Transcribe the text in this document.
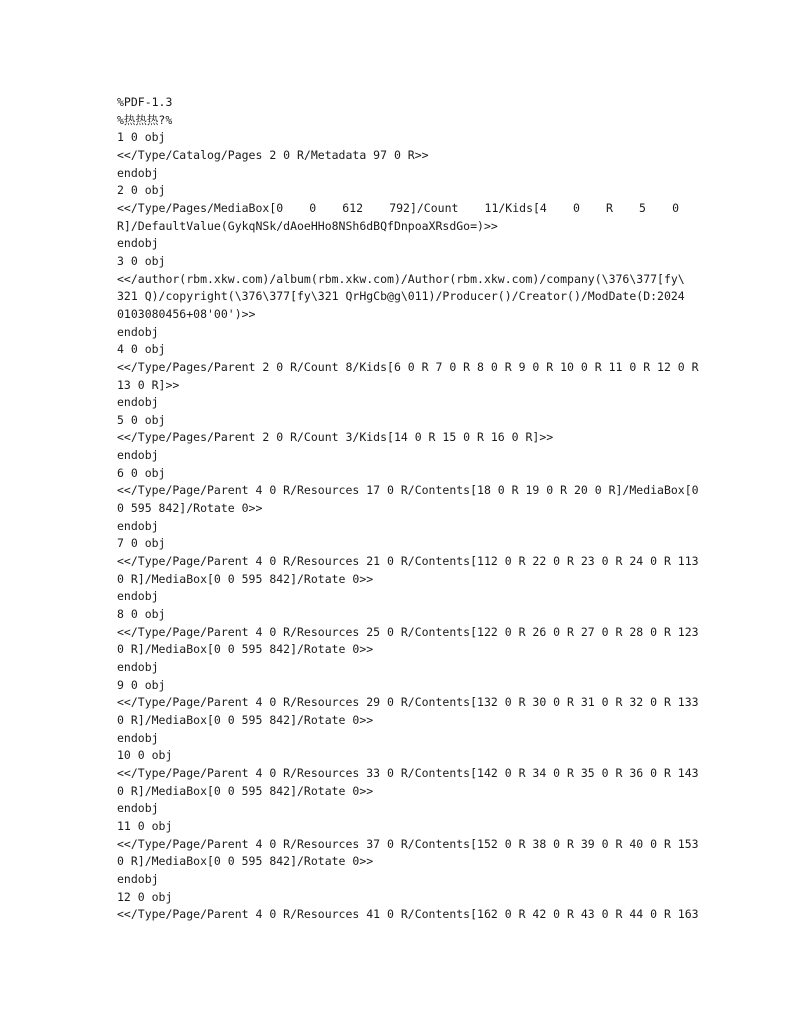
%PDF-1.3
%热热热?%
1 0 obj
<</Type/Catalog/Pages 2 0 R/Metadata 97 0 R>>
endobj
2 0 obj
<</Type/Pages/MediaBox[0 0 612 792]/Count 11/Kids[4 0 R 5 0
R]/DefaultValue(GykqNSk/dAoeHHo8NSh6dBQfDnpoaXRsdGo=)>>
endobj
3 0 obj
<</author(rbm.xkw.com)/album(rbm.xkw.com)/Author(rbm.xkw.com)/company(\376\377[fy\
321 Q)/copyright(\376\377[fy\321 QrHgCb@g\011)/Producer()/Creator()/ModDate(D:2024
0103080456+08'00')>>
endobj
4 0 obj
<</Type/Pages/Parent 2 0 R/Count 8/Kids[6 0 R 7 0 R 8 0 R 9 0 R 10 0 R 11 0 R 12 0 R
13 0 R]>>
endobj
5 0 obj
<</Type/Pages/Parent 2 0 R/Count 3/Kids[14 0 R 15 0 R 16 0 R]>>
endobj
6 0 obj
<</Type/Page/Parent 4 0 R/Resources 17 0 R/Contents[18 0 R 19 0 R 20 0 R]/MediaBox[0
0 595 842]/Rotate 0>>
endobj
7 0 obj
<</Type/Page/Parent 4 0 R/Resources 21 0 R/Contents[112 0 R 22 0 R 23 0 R 24 0 R 113
0 R]/MediaBox[0 0 595 842]/Rotate 0>>
endobj
8 0 obj
<</Type/Page/Parent 4 0 R/Resources 25 0 R/Contents[122 0 R 26 0 R 27 0 R 28 0 R 123
0 R]/MediaBox[0 0 595 842]/Rotate 0>>
endobj
9 0 obj
<</Type/Page/Parent 4 0 R/Resources 29 0 R/Contents[132 0 R 30 0 R 31 0 R 32 0 R 133
0 R]/MediaBox[0 0 595 842]/Rotate 0>>
endobj
10 0 obj
<</Type/Page/Parent 4 0 R/Resources 33 0 R/Contents[142 0 R 34 0 R 35 0 R 36 0 R 143
0 R]/MediaBox[0 0 595 842]/Rotate 0>>
endobj
11 0 obj
<</Type/Page/Parent 4 0 R/Resources 37 0 R/Contents[152 0 R 38 0 R 39 0 R 40 0 R 153
0 R]/MediaBox[0 0 595 842]/Rotate 0>>
endobj
12 0 obj
<</Type/Page/Parent 4 0 R/Resources 41 0 R/Contents[162 0 R 42 0 R 43 0 R 44 0 R 163
